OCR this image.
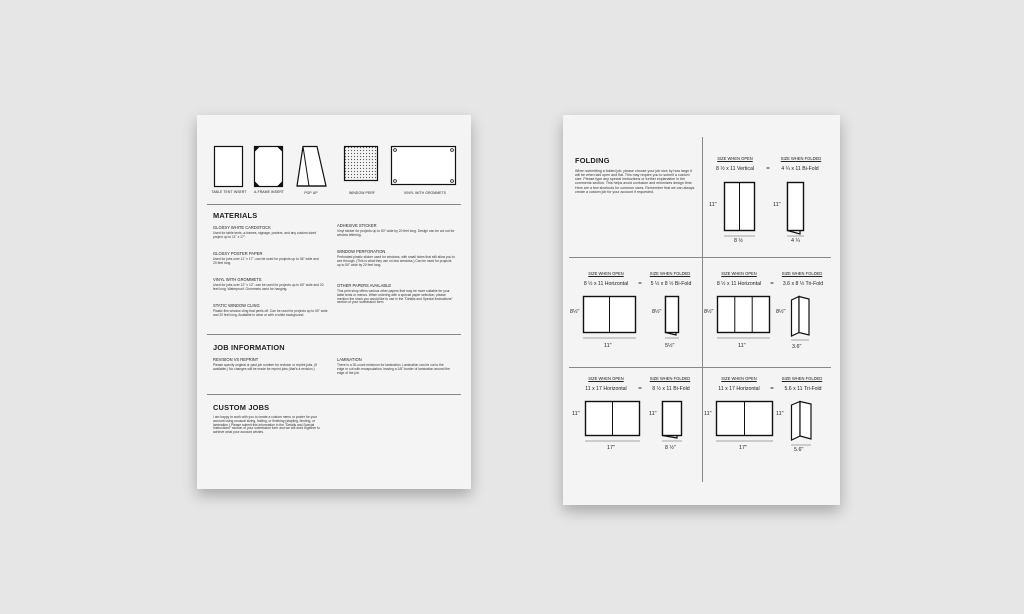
TABLE TENT INSERT	A-FRAME INSERT	POP UP	WINDOW PERF	VINYL WITH GROMMETS
MATERIALS
GLOSSY WHITE CARDSTOCK
Used for table tents, a-frames, signage, posters, and any custom sized project up to 11" x 17".
GLOSSY POSTER PAPER
Used for jobs over 11" x 17", can be used for projects up to 36" wide and 20 feet long.
VINYL WITH GROMMETS
Used for jobs over 12" x 12", can be used for projects up to 60" wide and 20 feet long. Waterproof. Grommets used for hanging.
STATIC WINDOW CLING
Plastic film window cling that peels off. Can be used for projects up to 50" wide and 20 feet long. Available in clear or with a white background.
ADHESIVE STICKER
Vinyl sticker for projects up to 50" wide by 20 feet long. Design can be cut out for window lettering.
WINDOW PERFORATION
Perforated plastic sticker used for windows, with small holes that still allow you to see through. (This is what they use on bus windows.) Can be used for projects up to 50" wide by 20 feet long.
OTHER PAPERS AVAILABLE
This print shop offers various other papers that may be more suitable for your table tents or menus. When ordering with a special paper selection, please mention the stock you would like to use in the "Details and Special Instructions" section of your submission form.
JOB INFORMATION
REVISION VS REPRINT
Please specify original or past job number for revision or reprint jobs. (If available.) No changes will be made for reprint jobs (that's a revision.)
LAMINATION
There is a 30-count minimum for lamination. Lamination can be cut to the edge or cut with encapsulation, leaving a 1/8" border of lamination around the edge of the job.
CUSTOM JOBS
I am happy to work with you to create a custom menu or poster for your account using unusual sizing, folding, or finishing (stapling, binding, or lamination.) Please submit this information in the "Details and Special Instructions" section of your submission form and we will work together to achieve what your account wishes.
FOLDING
When submitting a folded job, please choose your job size by how large it will be when laid open and flat. This may require you to submit a custom size. Please type any special instructions or further explanation in the comments section. This helps avoid confusion and minimizes design time. Here are a few shortcuts for common sizes. Remember that we can always create a custom job for your account if requested.
SIZE WHEN OPEN	SIZE WHEN FOLDED
8 ½ x 11 Vertical	=	4 ¼ x 11 Bi-Fold
11"
8 ½
11"
4 ¼
SIZE WHEN OPEN	SIZE WHEN FOLDED
8 ½ x 11 Horizontal	=	5 ½ x 8 ½ Bi-Fold
8½"
11"
8½"
5½"
SIZE WHEN OPEN	SIZE WHEN FOLDED
8 ½ x 11 Horizontal	=	3.6 x 8 ½ Tri-Fold
8½"
11"
8½"
3.6"
SIZE WHEN OPEN	SIZE WHEN FOLDED
11 x 17 Horizontal	=	8 ½ x 11 Bi-Fold
11"
17"
11"
8 ½"
SIZE WHEN OPEN	SIZE WHEN FOLDED
11 x 17 Horizontal	=	5.6 x 11 Tri-Fold
11"
17"
11"
5.6"
